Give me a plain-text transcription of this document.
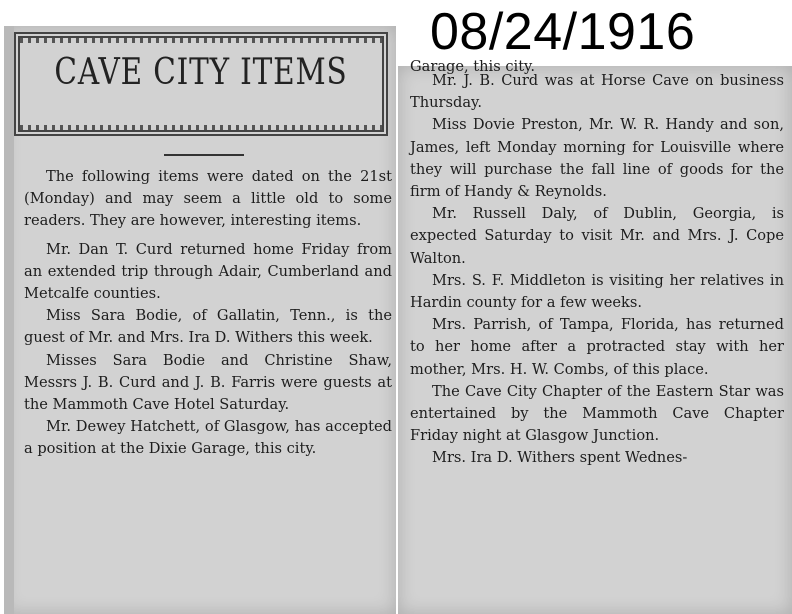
08/24/1916
CAVE CITY ITEMS

The following items were dated on the 21st (Monday) and may seem a little old to some readers. They are however, interesting items.

Mr. Dan T. Curd returned home Friday from an extended trip through Adair, Cumberland and Metcalfe counties.

Miss Sara Bodie, of Gallatin, Tenn., is the guest of Mr. and Mrs. Ira D. Withers this week.

Misses Sara Bodie and Christine Shaw, Messrs J. B. Curd and J. B. Farris were guests at the Mammoth Cave Hotel Saturday.

Mr. Dewey Hatchett, of Glasgow, has accepted a position at the Dixie Garage, this city.

Garage, this city.

Mr. J. B. Curd was at Horse Cave on business Thursday.

Miss Dovie Preston, Mr. W. R. Handy and son, James, left Monday morning for Louisville where they will purchase the fall line of goods for the firm of Handy & Reynolds.

Mr. Russell Daly, of Dublin, Georgia, is expected Saturday to visit Mr. and Mrs. J. Cope Walton.

Mrs. S. F. Middleton is visiting her relatives in Hardin county for a few weeks.

Mrs. Parrish, of Tampa, Florida, has returned to her home after a protracted stay with her mother, Mrs. H. W. Combs, of this place.

The Cave City Chapter of the Eastern Star was entertained by the Mammoth Cave Chapter Friday night at Glasgow Junction.

Mrs. Ira D. Withers spent Wednes-
